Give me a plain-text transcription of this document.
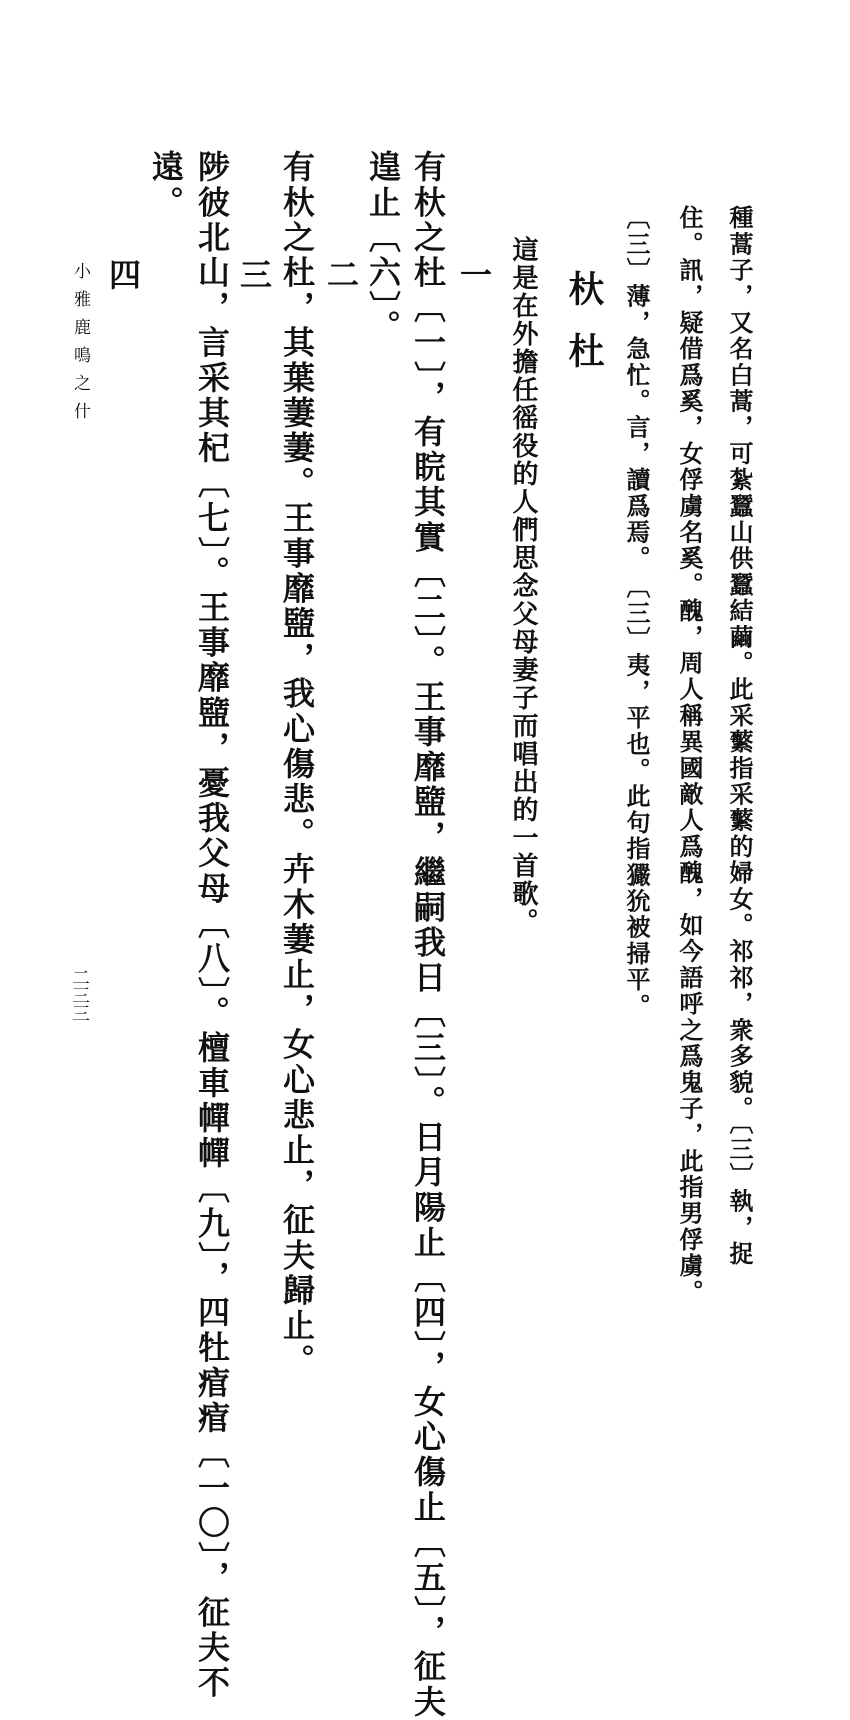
種蒿子，又名白蒿，可紮蠶山供蠶結繭。此采蘩指采蘩的婦女。祁祁，衆多貌。〔三〕執，捉
住。訊，疑借爲奚，女俘虜名奚。醜，周人稱異國敵人爲醜，如今語呼之爲鬼子，此指男俘虜。
〔三〕薄，急忙。言，讀爲焉。　〔三〕夷，平也。此句指玁狁被掃平。
杕杜
這是在外擔任徭役的人們思念父母妻子而唱出的一首歌。
一
有杕之杜〔一〕，有睆其實〔二〕。王事靡盬，繼嗣我日〔三〕。日月陽止〔四〕，女心傷止〔五〕，征夫
遑止〔六〕。
二
有杕之杜，其葉萋萋。王事靡盬，我心傷悲。卉木萋止，女心悲止，征夫歸止。
三
陟彼北山，言采其杞〔七〕。王事靡盬，憂我父母〔八〕。檀車幝幝〔九〕，四牡痯痯〔一〇〕，征夫不
遠。
四
小雅鹿鳴之什
二三三
